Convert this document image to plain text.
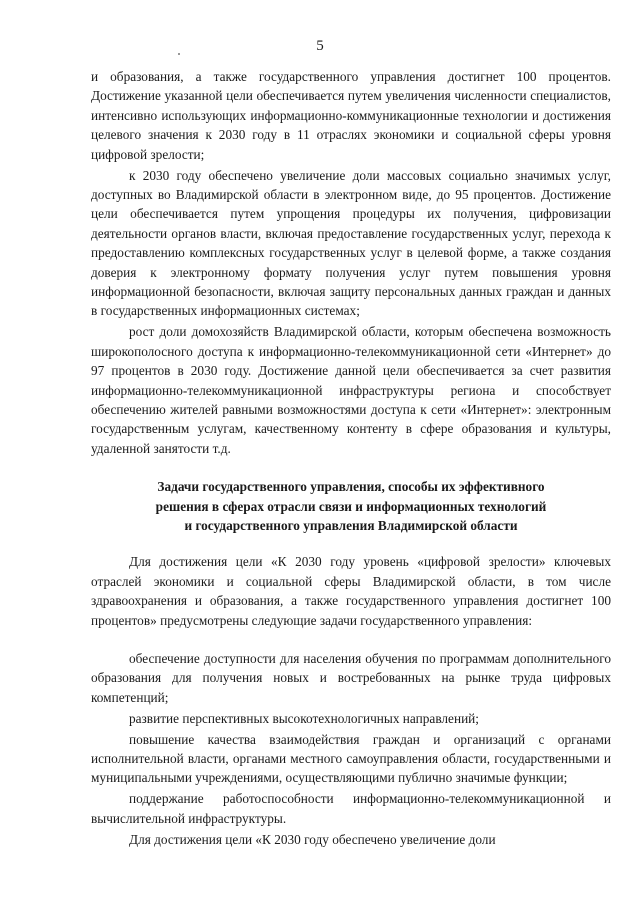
5

и образования, а также государственного управления достигнет 100 процентов. Достижение указанной цели обеспечивается путем увеличения численности специалистов, интенсивно использующих информационно-коммуникационные технологии и достижения целевого значения к 2030 году в 11 отраслях экономики и социальной сферы уровня цифровой зрелости;

к 2030 году обеспечено увеличение доли массовых социально значимых услуг, доступных во Владимирской области в электронном виде, до 95 процентов. Достижение цели обеспечивается путем упрощения процедуры их получения, цифровизации деятельности органов власти, включая предоставление государственных услуг, перехода к предоставлению комплексных государственных услуг в целевой форме, а также создания доверия к электронному формату получения услуг путем повышения уровня информационной безопасности, включая защиту персональных данных граждан и данных в государственных информационных системах;

рост доли домохозяйств Владимирской области, которым обеспечена возможность широкополосного доступа к информационно-телекоммуникационной сети «Интернет» до 97 процентов в 2030 году. Достижение данной цели обеспечивается за счет развития информационно-телекоммуникационной инфраструктуры региона и способствует обеспечению жителей равными возможностями доступа к сети «Интернет»: электронным государственным услугам, качественному контенту в сфере образования и культуры, удаленной занятости т.д.

Задачи государственного управления, способы их эффективного
решения в сферах отрасли связи и информационных технологий
и государственного управления Владимирской области

Для достижения цели «К 2030 году уровень «цифровой зрелости» ключевых отраслей экономики и социальной сферы Владимирской области, в том числе здравоохранения и образования, а также государственного управления достигнет 100 процентов» предусмотрены следующие задачи государственного управления:

обеспечение доступности для населения обучения по программам дополнительного образования для получения новых и востребованных на рынке труда цифровых компетенций;

развитие перспективных высокотехнологичных направлений;

повышение качества взаимодействия граждан и организаций с органами исполнительной власти, органами местного самоуправления области, государственными и муниципальными учреждениями, осуществляющими публично значимые функции;

поддержание работоспособности информационно-телекоммуникационной и вычислительной инфраструктуры.

Для достижения цели «К 2030 году обеспечено увеличение доли
